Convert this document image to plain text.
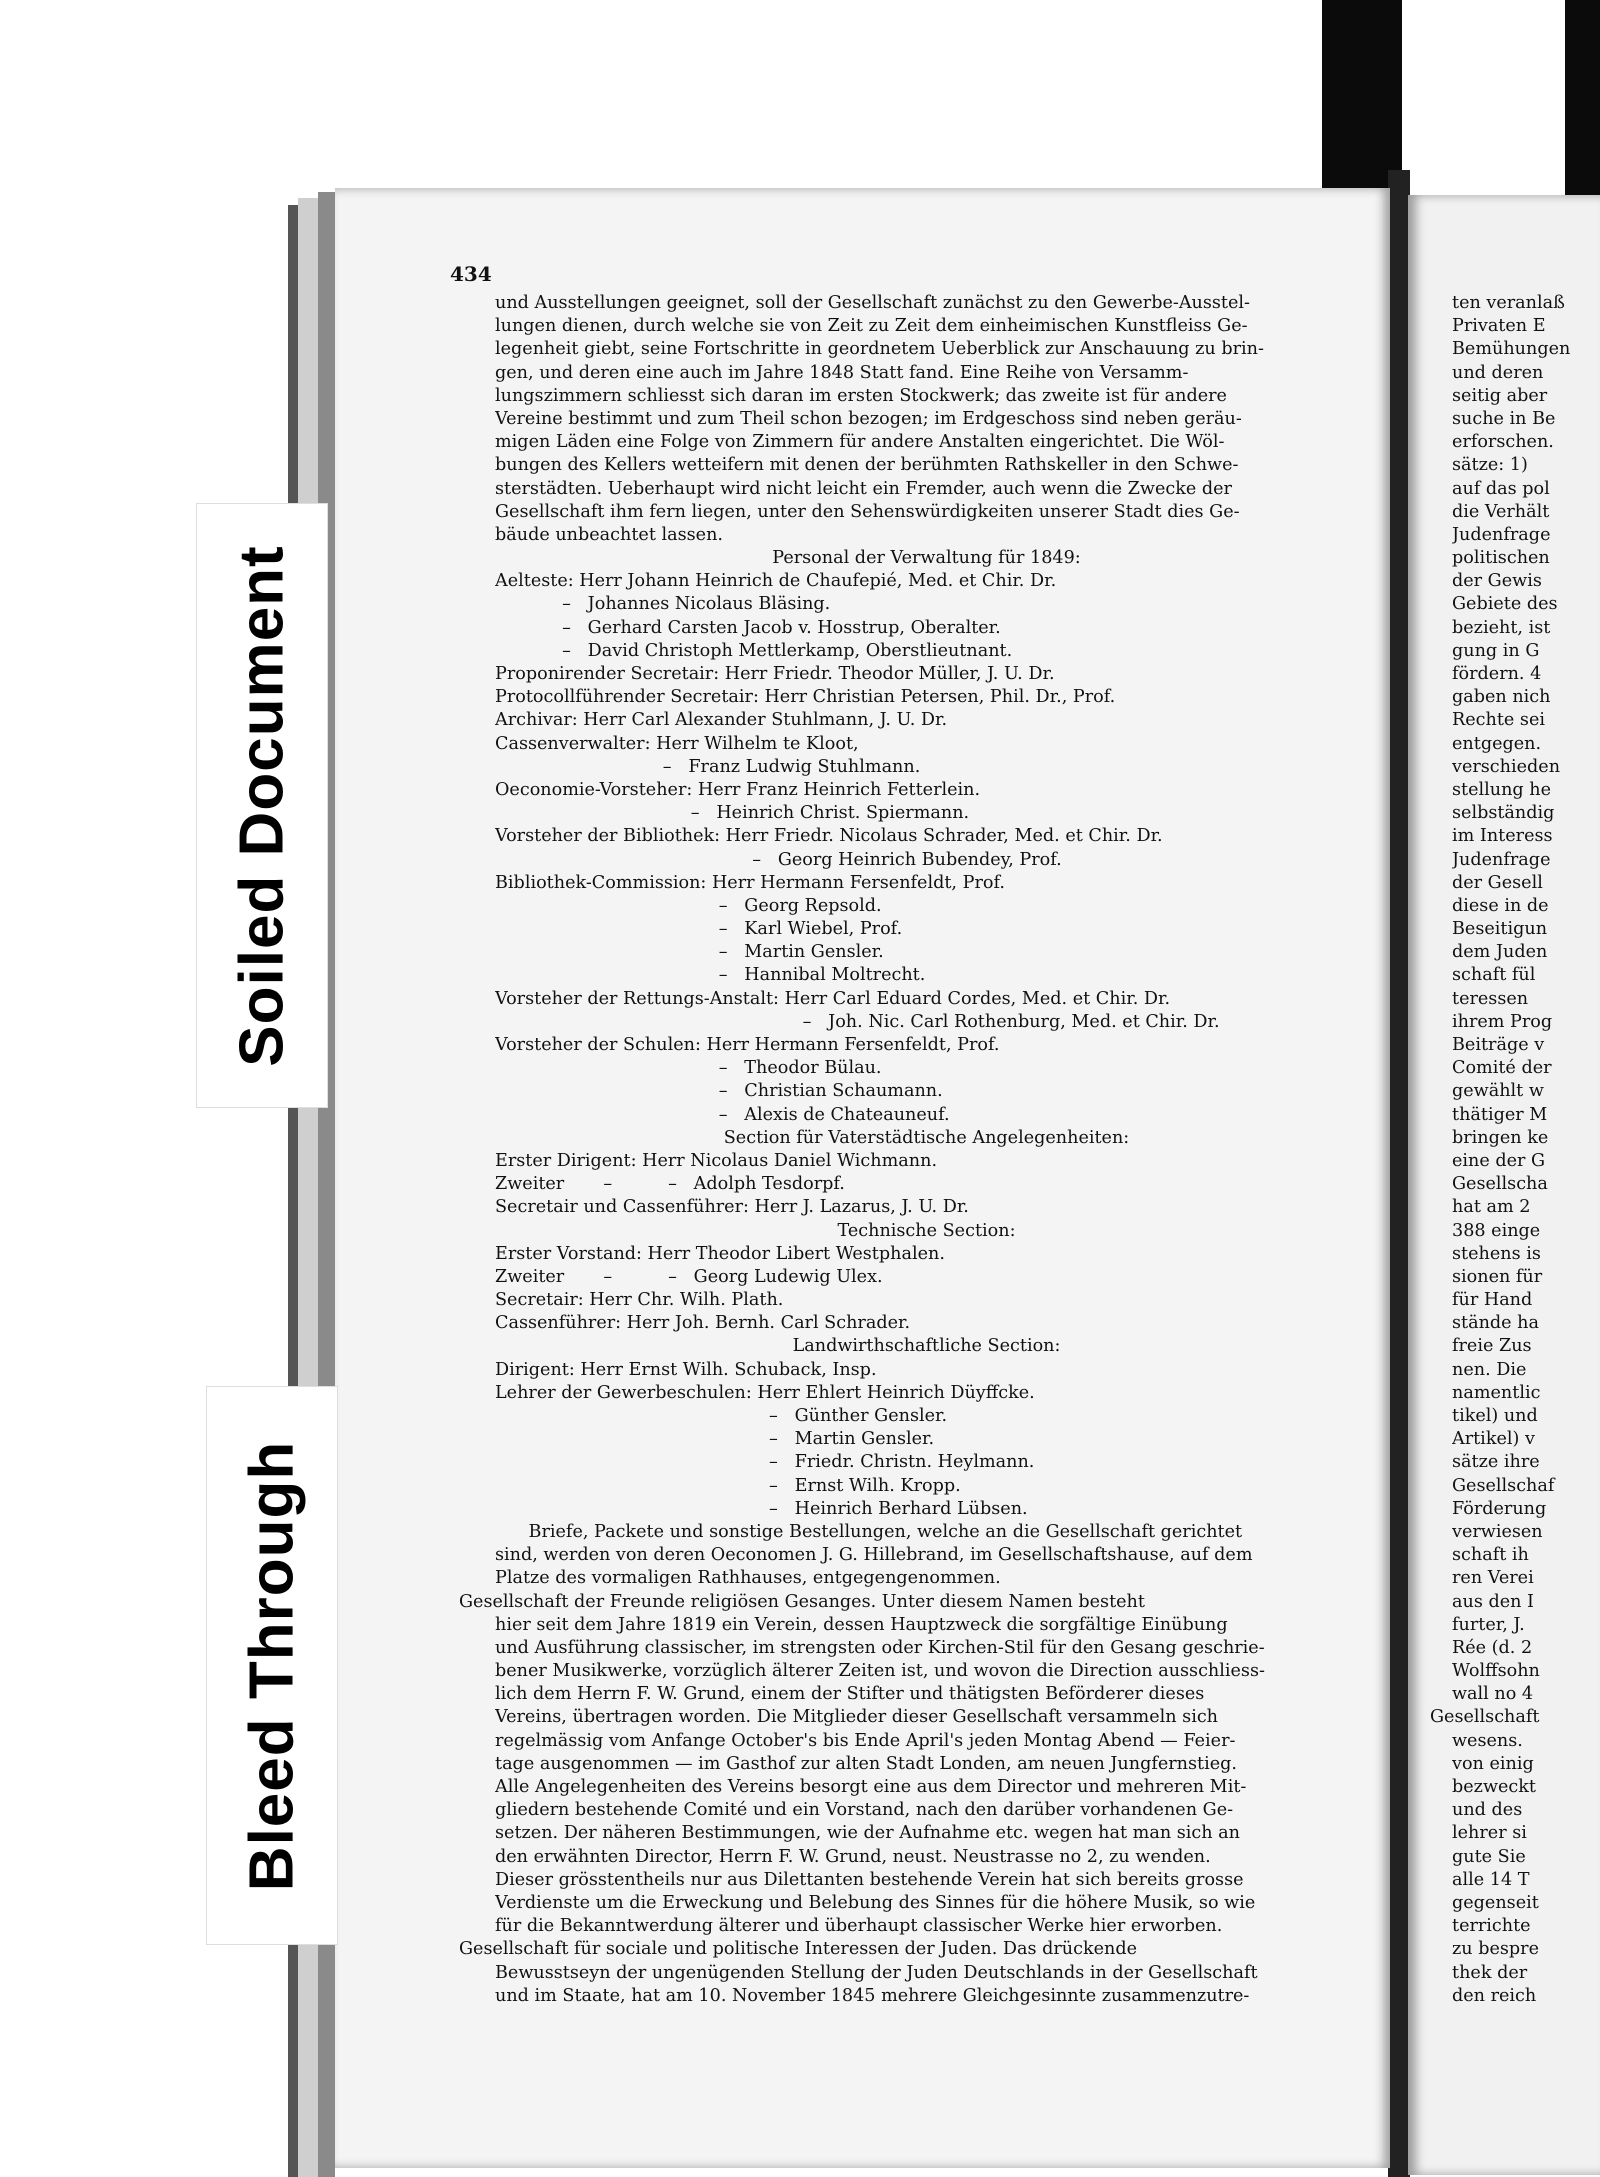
Soiled Document
Bleed Through
434
und Ausstellungen geeignet, soll der Gesellschaft zunächst zu den Gewerbe-Ausstel-
lungen dienen, durch welche sie von Zeit zu Zeit dem einheimischen Kunstfleiss Ge-
legenheit giebt, seine Fortschritte in geordnetem Ueberblick zur Anschauung zu brin-
gen, und deren eine auch im Jahre 1848 Statt fand. Eine Reihe von Versamm-
lungszimmern schliesst sich daran im ersten Stockwerk; das zweite ist für andere
Vereine bestimmt und zum Theil schon bezogen; im Erdgeschoss sind neben geräu-
migen Läden eine Folge von Zimmern für andere Anstalten eingerichtet. Die Wöl-
bungen des Kellers wetteifern mit denen der berühmten Rathskeller in den Schwe-
sterstädten. Ueberhaupt wird nicht leicht ein Fremder, auch wenn die Zwecke der
Gesellschaft ihm fern liegen, unter den Sehenswürdigkeiten unserer Stadt dies Ge-
bäude unbeachtet lassen.
Personal der Verwaltung für 1849:
Aelteste: Herr Johann Heinrich de Chaufepié, Med. et Chir. Dr.
–   Johannes Nicolaus Bläsing.
–   Gerhard Carsten Jacob v. Hosstrup, Oberalter.
–   David Christoph Mettlerkamp, Oberstlieutnant.
Proponirender Secretair: Herr Friedr. Theodor Müller, J. U. Dr.
Protocollführender Secretair: Herr Christian Petersen, Phil. Dr., Prof.
Archivar: Herr Carl Alexander Stuhlmann, J. U. Dr.
Cassenverwalter: Herr Wilhelm te Kloot,
–   Franz Ludwig Stuhlmann.
Oeconomie-Vorsteher: Herr Franz Heinrich Fetterlein.
–   Heinrich Christ. Spiermann.
Vorsteher der Bibliothek: Herr Friedr. Nicolaus Schrader, Med. et Chir. Dr.
–   Georg Heinrich Bubendey, Prof.
Bibliothek-Commission: Herr Hermann Fersenfeldt, Prof.
–   Georg Repsold.
–   Karl Wiebel, Prof.
–   Martin Gensler.
–   Hannibal Moltrecht.
Vorsteher der Rettungs-Anstalt: Herr Carl Eduard Cordes, Med. et Chir. Dr.
–   Joh. Nic. Carl Rothenburg, Med. et Chir. Dr.
Vorsteher der Schulen: Herr Hermann Fersenfeldt, Prof.
–   Theodor Bülau.
–   Christian Schaumann.
–   Alexis de Chateauneuf.
Section für Vaterstädtische Angelegenheiten:
Erster Dirigent: Herr Nicolaus Daniel Wichmann.
Zweiter       –          –   Adolph Tesdorpf.
Secretair und Cassenführer: Herr J. Lazarus, J. U. Dr.
Technische Section:
Erster Vorstand: Herr Theodor Libert Westphalen.
Zweiter       –          –   Georg Ludewig Ulex.
Secretair: Herr Chr. Wilh. Plath.
Cassenführer: Herr Joh. Bernh. Carl Schrader.
Landwirthschaftliche Section:
Dirigent: Herr Ernst Wilh. Schuback, Insp.
Lehrer der Gewerbeschulen: Herr Ehlert Heinrich Düyffcke.
–   Günther Gensler.
–   Martin Gensler.
–   Friedr. Christn. Heylmann.
–   Ernst Wilh. Kropp.
–   Heinrich Berhard Lübsen.
Briefe, Packete und sonstige Bestellungen, welche an die Gesellschaft gerichtet
sind, werden von deren Oeconomen J. G. Hillebrand, im Gesellschaftshause, auf dem
Platze des vormaligen Rathhauses, entgegengenommen.
Gesellschaft der Freunde religiösen Gesanges. Unter diesem Namen besteht
hier seit dem Jahre 1819 ein Verein, dessen Hauptzweck die sorgfältige Einübung
und Ausführung classischer, im strengsten oder Kirchen-Stil für den Gesang geschrie-
bener Musikwerke, vorzüglich älterer Zeiten ist, und wovon die Direction ausschliess-
lich dem Herrn F. W. Grund, einem der Stifter und thätigsten Beförderer dieses
Vereins, übertragen worden. Die Mitglieder dieser Gesellschaft versammeln sich
regelmässig vom Anfange October's bis Ende April's jeden Montag Abend — Feier-
tage ausgenommen — im Gasthof zur alten Stadt Londen, am neuen Jungfernstieg.
Alle Angelegenheiten des Vereins besorgt eine aus dem Director und mehreren Mit-
gliedern bestehende Comité und ein Vorstand, nach den darüber vorhandenen Ge-
setzen. Der näheren Bestimmungen, wie der Aufnahme etc. wegen hat man sich an
den erwähnten Director, Herrn F. W. Grund, neust. Neustrasse no 2, zu wenden.
Dieser grösstentheils nur aus Dilettanten bestehende Verein hat sich bereits grosse
Verdienste um die Erweckung und Belebung des Sinnes für die höhere Musik, so wie
für die Bekanntwerdung älterer und überhaupt classischer Werke hier erworben.
Gesellschaft für sociale und politische Interessen der Juden. Das drückende
Bewusstseyn der ungenügenden Stellung der Juden Deutschlands in der Gesellschaft
und im Staate, hat am 10. November 1845 mehrere Gleichgesinnte zusammenzutre-
ten veranlaß
Privaten E
Bemühungen
und deren
seitig aber
suche in Be
erforschen.
sätze: 1)
auf das pol
die Verhält
Judenfrage
politischen
der Gewis
Gebiete des
bezieht, ist
gung in G
fördern. 4
gaben nich
Rechte sei
entgegen.
verschieden
stellung he
selbständig
im Interess
Judenfrage
der Gesell
diese in de
Beseitigun
dem Juden
schaft fül
teressen
ihrem Prog
Beiträge v
Comité der
gewählt w
thätiger M
bringen ke
eine der G
Gesellscha
hat am 2
388 einge
stehens is
sionen für
für Hand
stände ha
freie Zus
nen. Die
namentlic
tikel) und
Artikel) v
sätze ihre
Gesellschaf
Förderung
verwiesen
schaft ih
ren Verei
aus den I
furter, J.
Rée (d. 2
Wolffsohn
wall no 4
Gesellschaft
wesens.
von einig
bezweckt
und des
lehrer si
gute Sie
alle 14 T
gegenseit
terrichte
zu bespre
thek der
den reich
